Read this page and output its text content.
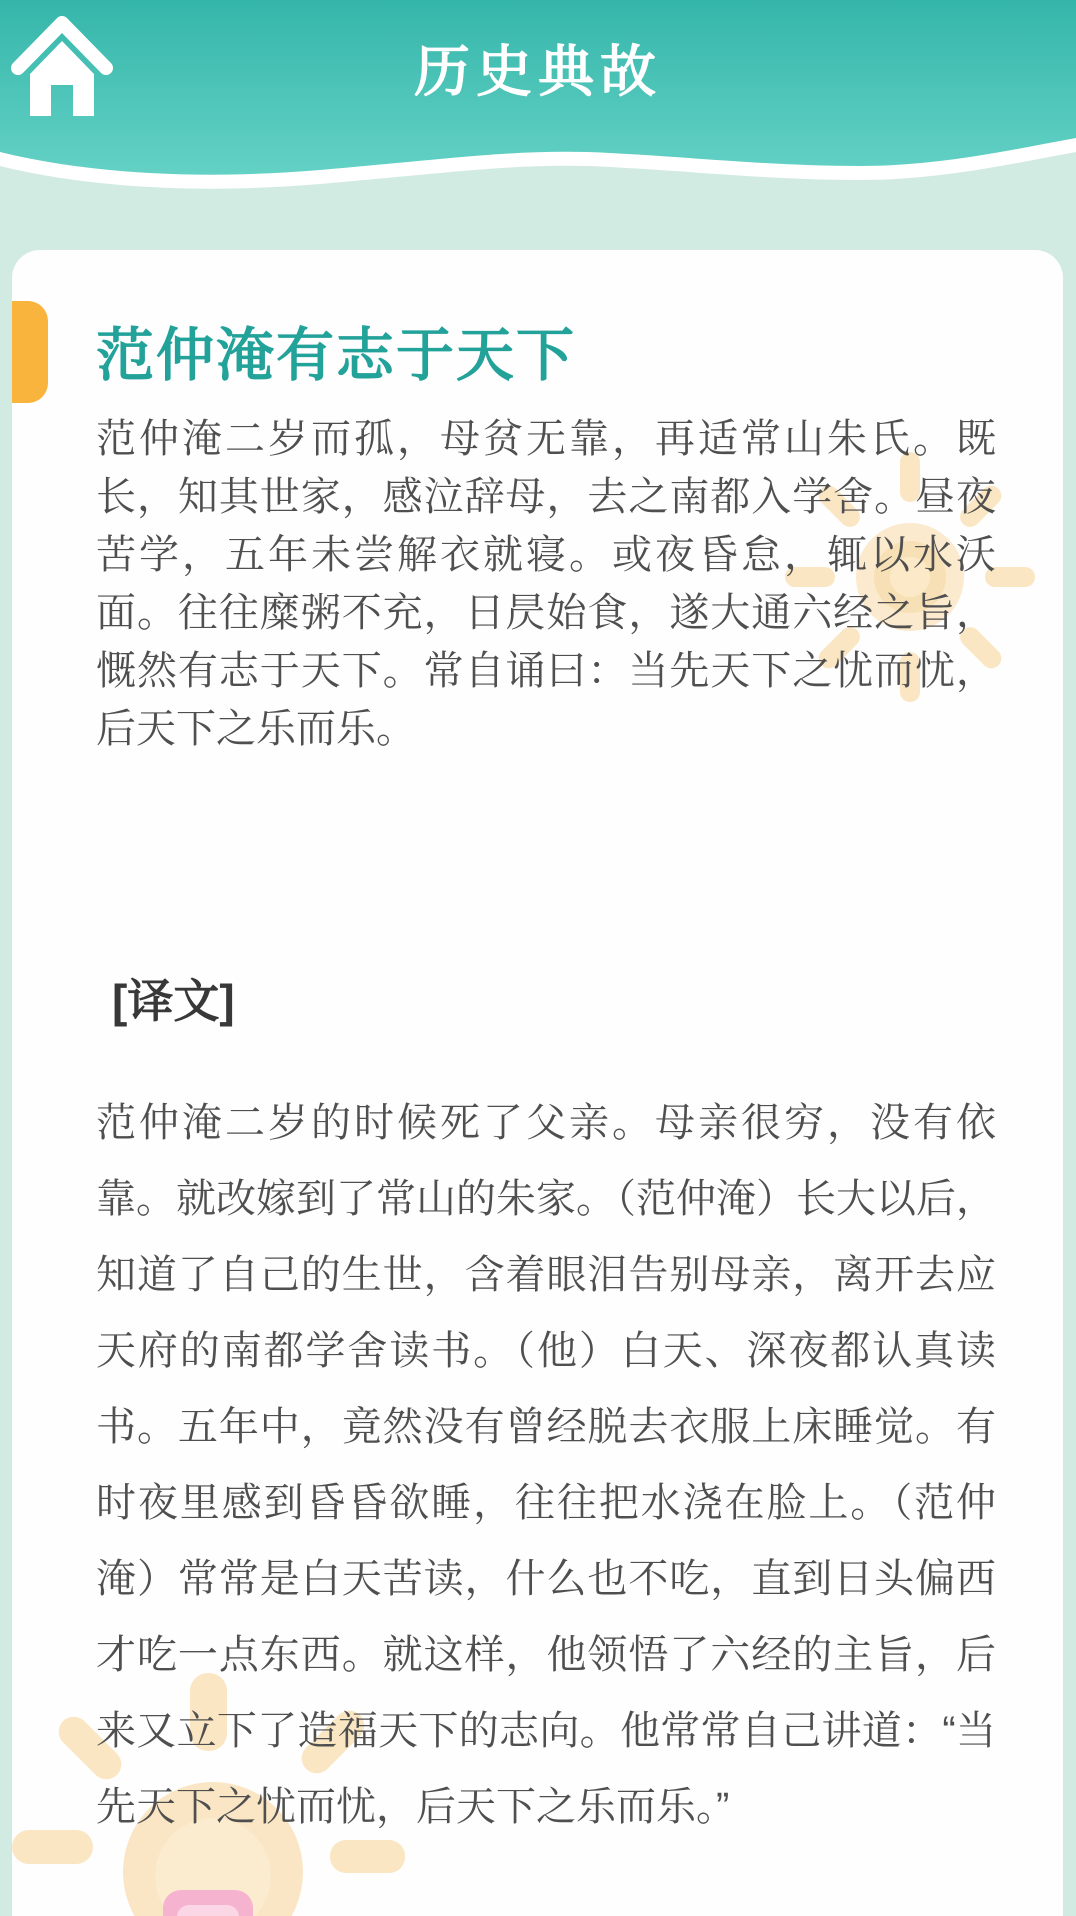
历史典故
范仲淹有志于天下

范仲淹二岁而孤，母贫无靠，再适常山朱氏。既长，知其世家，感泣辞母，去之南都入学舍。昼夜苦学，五年未尝解衣就寝。或夜昏怠，辄以水沃面。往往糜粥不充，日昃始食，遂大通六经之旨，慨然有志于天下。常自诵曰：当先天下之忧而忧，后天下之乐而乐。

[译文]

范仲淹二岁的时候死了父亲。母亲很穷，没有依靠。就改嫁到了常山的朱家。（范仲淹）长大以后，知道了自己的生世，含着眼泪告别母亲，离开去应天府的南都学舍读书。（他）白天、深夜都认真读书。五年中，竟然没有曾经脱去衣服上床睡觉。有时夜里感到昏昏欲睡，往往把水浇在脸上。（范仲淹）常常是白天苦读，什么也不吃，直到日头偏西才吃一点东西。就这样，他领悟了六经的主旨，后来又立下了造福天下的志向。他常常自己讲道：“当先天下之忧而忧，后天下之乐而乐。”
